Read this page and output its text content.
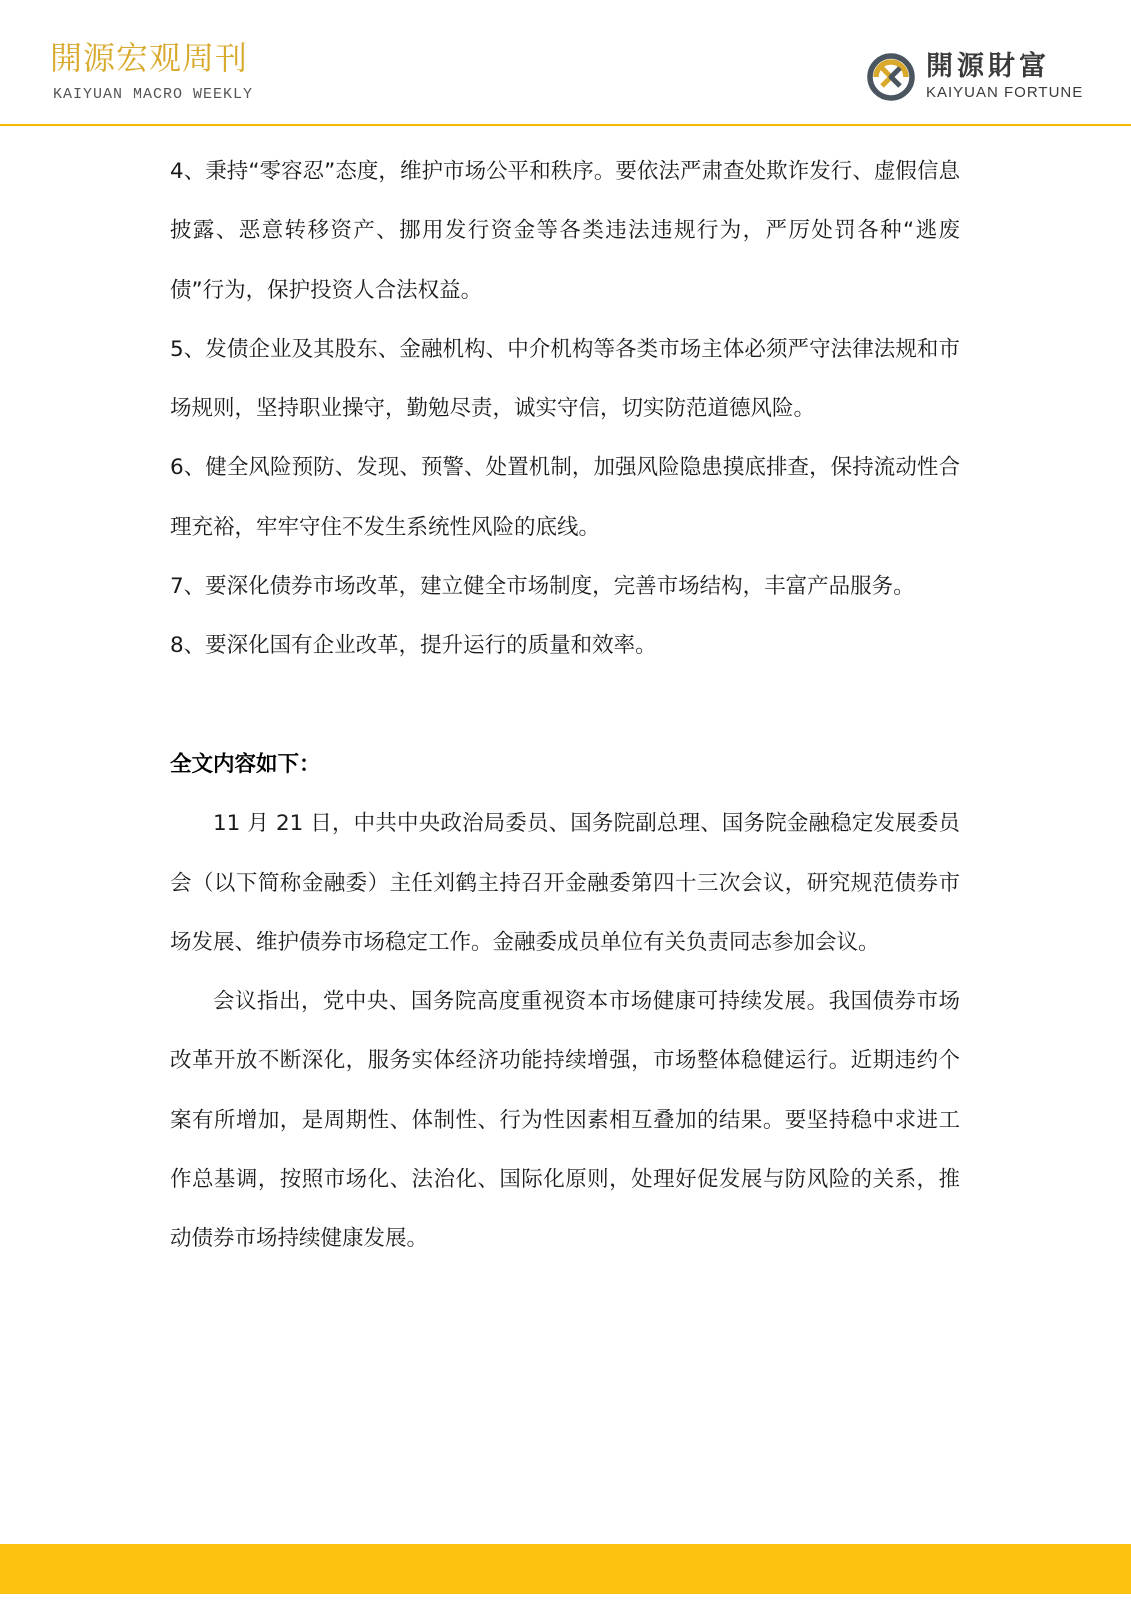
開源宏观周刊
KAIYUAN MACRO WEEKLY
開源財富
KAIYUAN FORTUNE

4、秉持“零容忍”态度，维护市场公平和秩序。要依法严肃查处欺诈发行、虚假信息披露、恶意转移资产、挪用发行资金等各类违法违规行为，严厉处罚各种“逃废债”行为，保护投资人合法权益。

5、发债企业及其股东、金融机构、中介机构等各类市场主体必须严守法律法规和市场规则，坚持职业操守，勤勉尽责，诚实守信，切实防范道德风险。

6、健全风险预防、发现、预警、处置机制，加强风险隐患摸底排查，保持流动性合理充裕，牢牢守住不发生系统性风险的底线。

7、要深化债券市场改革，建立健全市场制度，完善市场结构，丰富产品服务。

8、要深化国有企业改革，提升运行的质量和效率。

全文内容如下：

11 月 21 日，中共中央政治局委员、国务院副总理、国务院金融稳定发展委员会（以下简称金融委）主任刘鹤主持召开金融委第四十三次会议，研究规范债券市场发展、维护债券市场稳定工作。金融委成员单位有关负责同志参加会议。

会议指出，党中央、国务院高度重视资本市场健康可持续发展。我国债券市场改革开放不断深化，服务实体经济功能持续增强，市场整体稳健运行。近期违约个案有所增加，是周期性、体制性、行为性因素相互叠加的结果。要坚持稳中求进工作总基调，按照市场化、法治化、国际化原则，处理好促发展与防风险的关系，推动债券市场持续健康发展。
